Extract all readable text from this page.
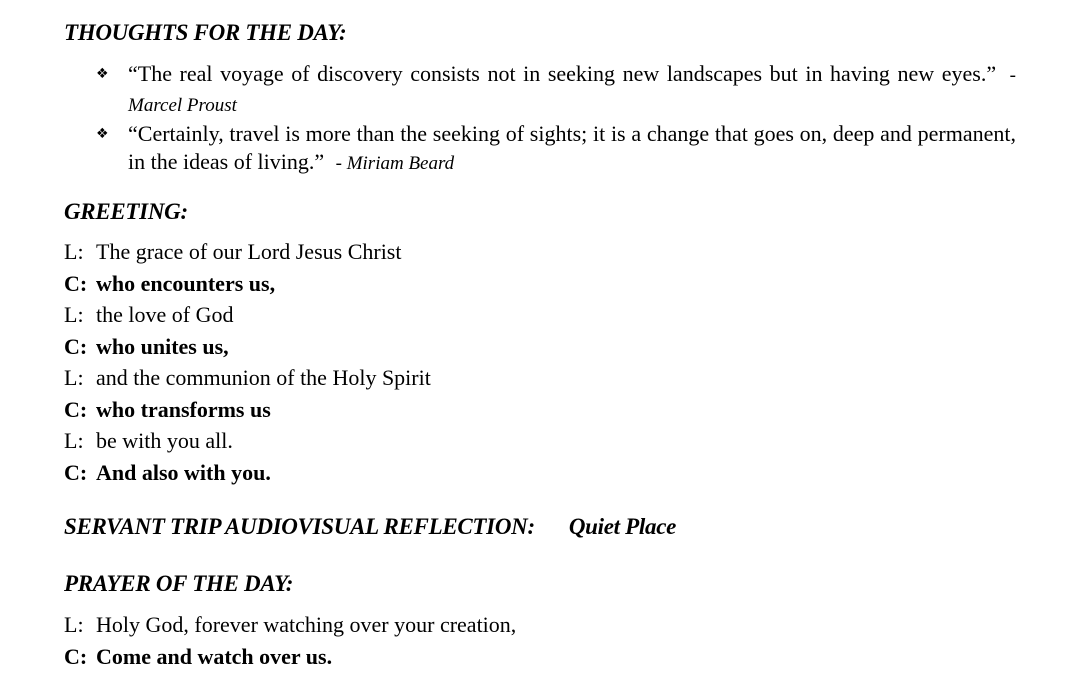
THOUGHTS FOR THE DAY:
❖ “The real voyage of discovery consists not in seeking new landscapes but in having new eyes.” - Marcel Proust
❖ “Certainly, travel is more than the seeking of sights; it is a change that goes on, deep and permanent, in the ideas of living.” - Miriam Beard
GREETING:
L: The grace of our Lord Jesus Christ
C: who encounters us,
L: the love of God
C: who unites us,
L: and the communion of the Holy Spirit
C: who transforms us
L: be with you all.
C: And also with you.
SERVANT TRIP AUDIOVISUAL REFLECTION: Quiet Place
PRAYER OF THE DAY:
L: Holy God, forever watching over your creation,
C: Come and watch over us.
